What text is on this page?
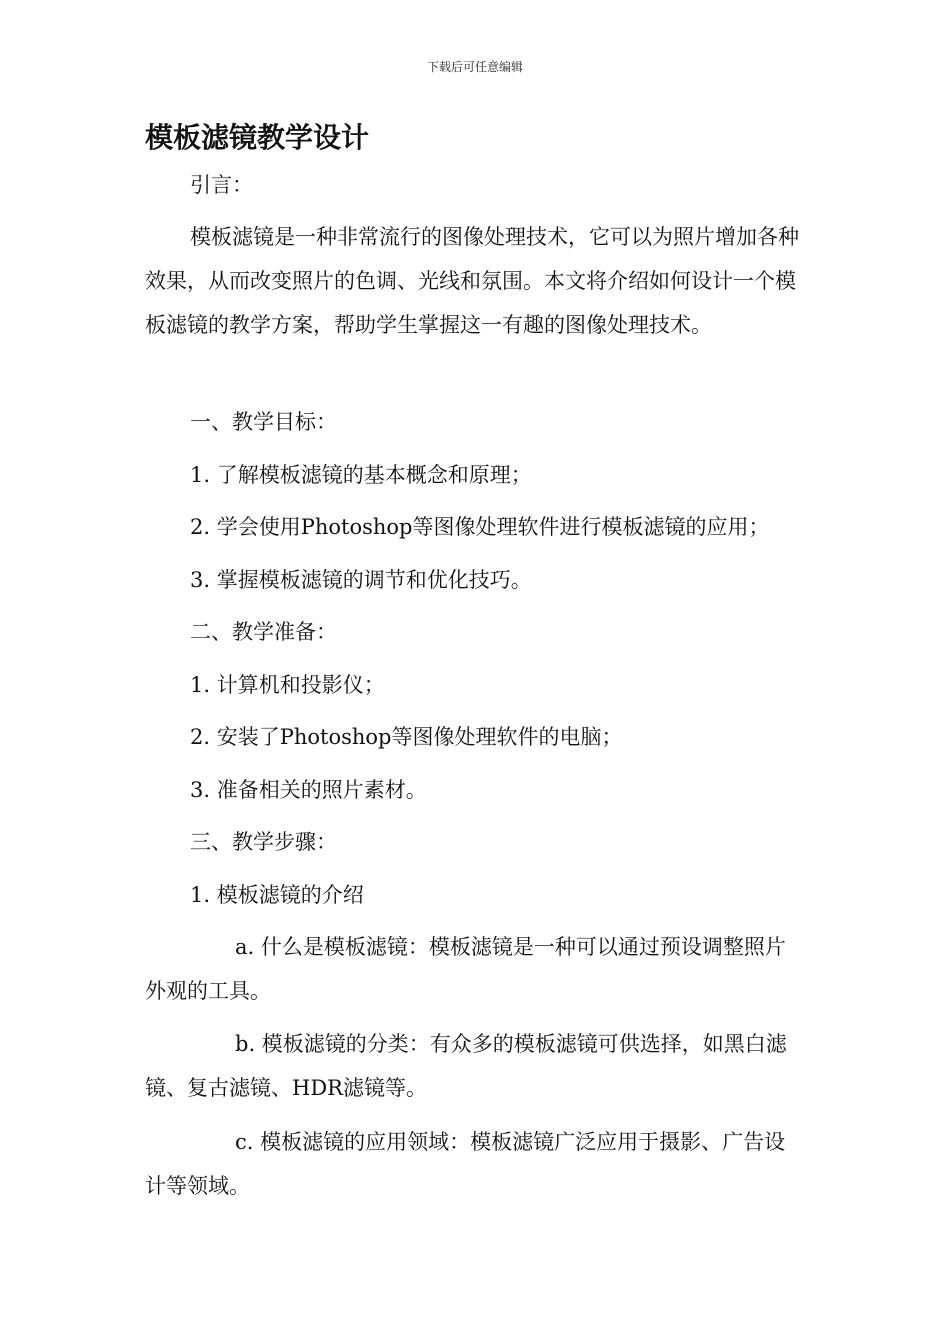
下载后可任意编辑
模板滤镜教学设计

引言：

模板滤镜是一种非常流行的图像处理技术，它可以为照片增加各种效果，从而改变照片的色调、光线和氛围。本文将介绍如何设计一个模板滤镜的教学方案，帮助学生掌握这一有趣的图像处理技术。

一、教学目标：

1. 了解模板滤镜的基本概念和原理；

2. 学会使用Photoshop等图像处理软件进行模板滤镜的应用；

3. 掌握模板滤镜的调节和优化技巧。

二、教学准备：

1. 计算机和投影仪；

2. 安装了Photoshop等图像处理软件的电脑；

3. 准备相关的照片素材。

三、教学步骤：

1. 模板滤镜的介绍

a. 什么是模板滤镜：模板滤镜是一种可以通过预设调整照片外观的工具。

b. 模板滤镜的分类：有众多的模板滤镜可供选择，如黑白滤镜、复古滤镜、HDR滤镜等。

c. 模板滤镜的应用领域：模板滤镜广泛应用于摄影、广告设计等领域。
